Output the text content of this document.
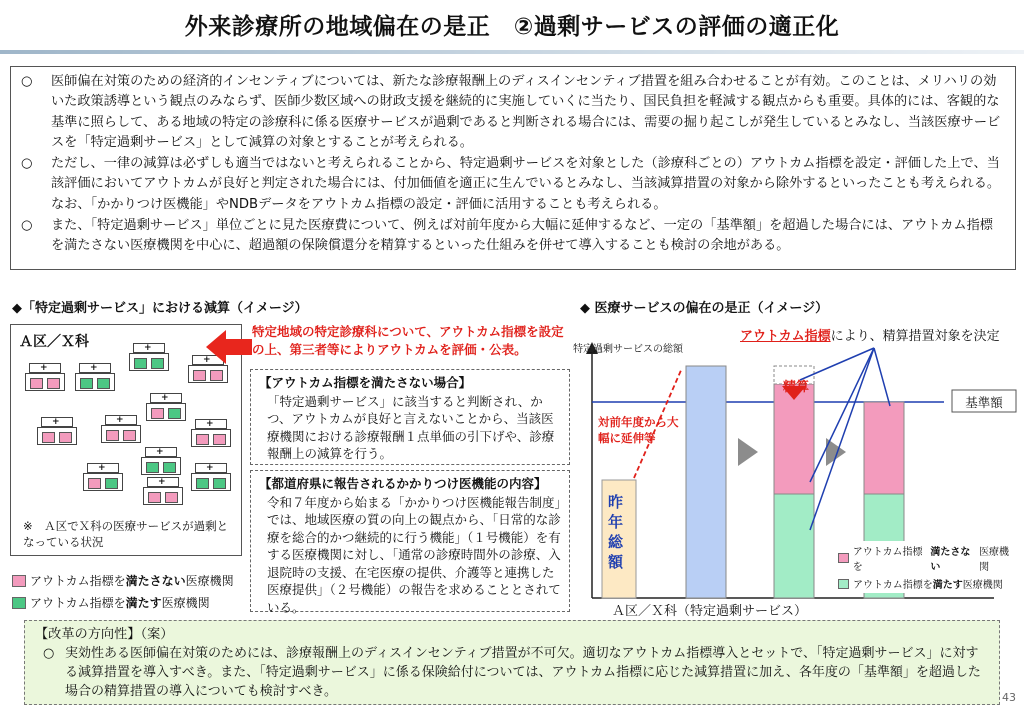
外来診療所の地域偏在の是正　②過剰サービスの評価の適正化
○	医師偏在対策のための経済的インセンティブについては、新たな診療報酬上のディスインセンティブ措置を組み合わせることが有効。このことは、メリハリの効いた政策誘導という観点のみならず、医師少数区域への財政支援を継続的に実施していくに当たり、国民負担を軽減する観点からも重要。具体的には、客観的な基準に照らして、ある地域の特定の診療科に係る医療サービスが過剰であると判断される場合には、需要の掘り起こしが発生しているとみなし、当該医療サービスを「特定過剰サービス」として減算の対象とすることが考えられる。
○	ただし、一律の減算は必ずしも適当ではないと考えられることから、特定過剰サービスを対象とした（診療科ごとの）アウトカム指標を設定・評価した上で、当該評価においてアウトカムが良好と判定された場合には、付加価値を適正に生んでいるとみなし、当該減算措置の対象から除外するといったことも考えられる。なお、「かかりつけ医機能」やNDBデータをアウトカム指標の設定・評価に活用することも考えられる。
○	また、「特定過剰サービス」単位ごとに見た医療費について、例えば対前年度から大幅に延伸するなど、一定の「基準額」を超過した場合には、アウトカム指標を満たさない医療機関を中心に、超過額の保険償還分を精算するといった仕組みを併せて導入することも検討の余地がある。
◆「特定過剰サービス」における減算（イメージ）
Ａ区／Ｘ科	+
+
+	+
+
+	+	+
+
+	+
+
※　Ａ区でＸ科の医療サービスが過剰となっている状況
アウトカム指標を 満たさない 医療機関
アウトカム指標を 満たす 医療機関
特定地域の特定診療科について、アウトカム指標を設定の上、第三者等によりアウトカムを評価・公表。
【アウトカム指標を満たさない場合】
「特定過剰サービス」に該当すると判断され、かつ、アウトカムが良好と言えないことから、当該医療機関における診療報酬１点単価の引下げや、診療報酬上の減算を行う。
【都道府県に報告されるかかりつけ医機能の内容】
令和７年度から始まる「かかりつけ医機能報告制度」では、地域医療の質の向上の観点から、「日常的な診療を総合的かつ継続的に行う機能」（１号機能）を有する医療機関に対し、「通常の診療時間外の診療、入退院時の支援、在宅医療の提供、介護等と連携した医療提供」（２号機能）の報告を求めることとされている。
◆ 医療サービスの偏在の是正（イメージ）
特定過剰サービスの総額
アウトカム指標により、精算措置対象を決定
基準額
対前年度から大幅に延伸等
昨年総額
精算
アウトカム指標を
満たさない
医療機関
アウトカム指標を 満たす 医療機関
Ａ区／Ｘ科（特定過剰サービス）
【改革の方向性】（案）
○ 実効性ある医師偏在対策のためには、診療報酬上のディスインセンティブ措置が不可欠。適切なアウトカム指標導入とセットで、「特定過剰サービス」に対する減算措置を導入すべき。また、「特定過剰サービス」に係る保険給付については、アウトカム指標に応じた減算措置に加え、各年度の「基準額」を超過した場合の精算措置の導入についても検討すべき。	43
